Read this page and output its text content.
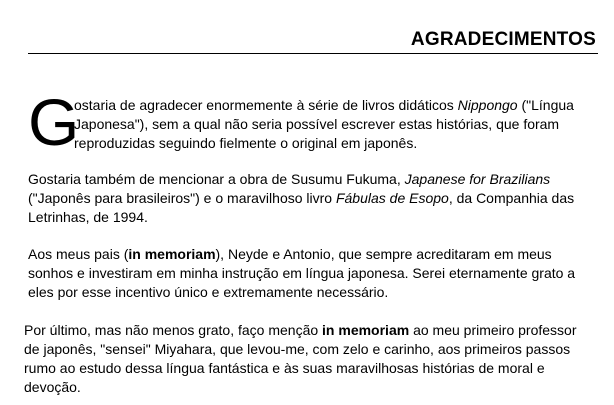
AGRADECIMENTOS

G
ostaria de agradecer enormemente à série de livros didáticos Nippongo ("Língua Japonesa"), sem a qual não seria possível escrever estas histórias, que foram reproduzidas seguindo fielmente o original em japonês.

Gostaria também de mencionar a obra de Susumu Fukuma, Japanese for Brazilians ("Japonês para brasileiros") e o maravilhoso livro Fábulas de Esopo, da Companhia das Letrinhas, de 1994.

Aos meus pais (in memoriam), Neyde e Antonio, que sempre acreditaram em meus sonhos e investiram em minha instrução em língua japonesa. Serei eternamente grato a eles por esse incentivo único e extremamente necessário.

Por último, mas não menos grato, faço menção in memoriam ao meu primeiro professor de japonês, "sensei" Miyahara, que levou-me, com zelo e carinho, aos primeiros passos rumo ao estudo dessa língua fantástica e às suas maravilhosas histórias de moral e devoção.
